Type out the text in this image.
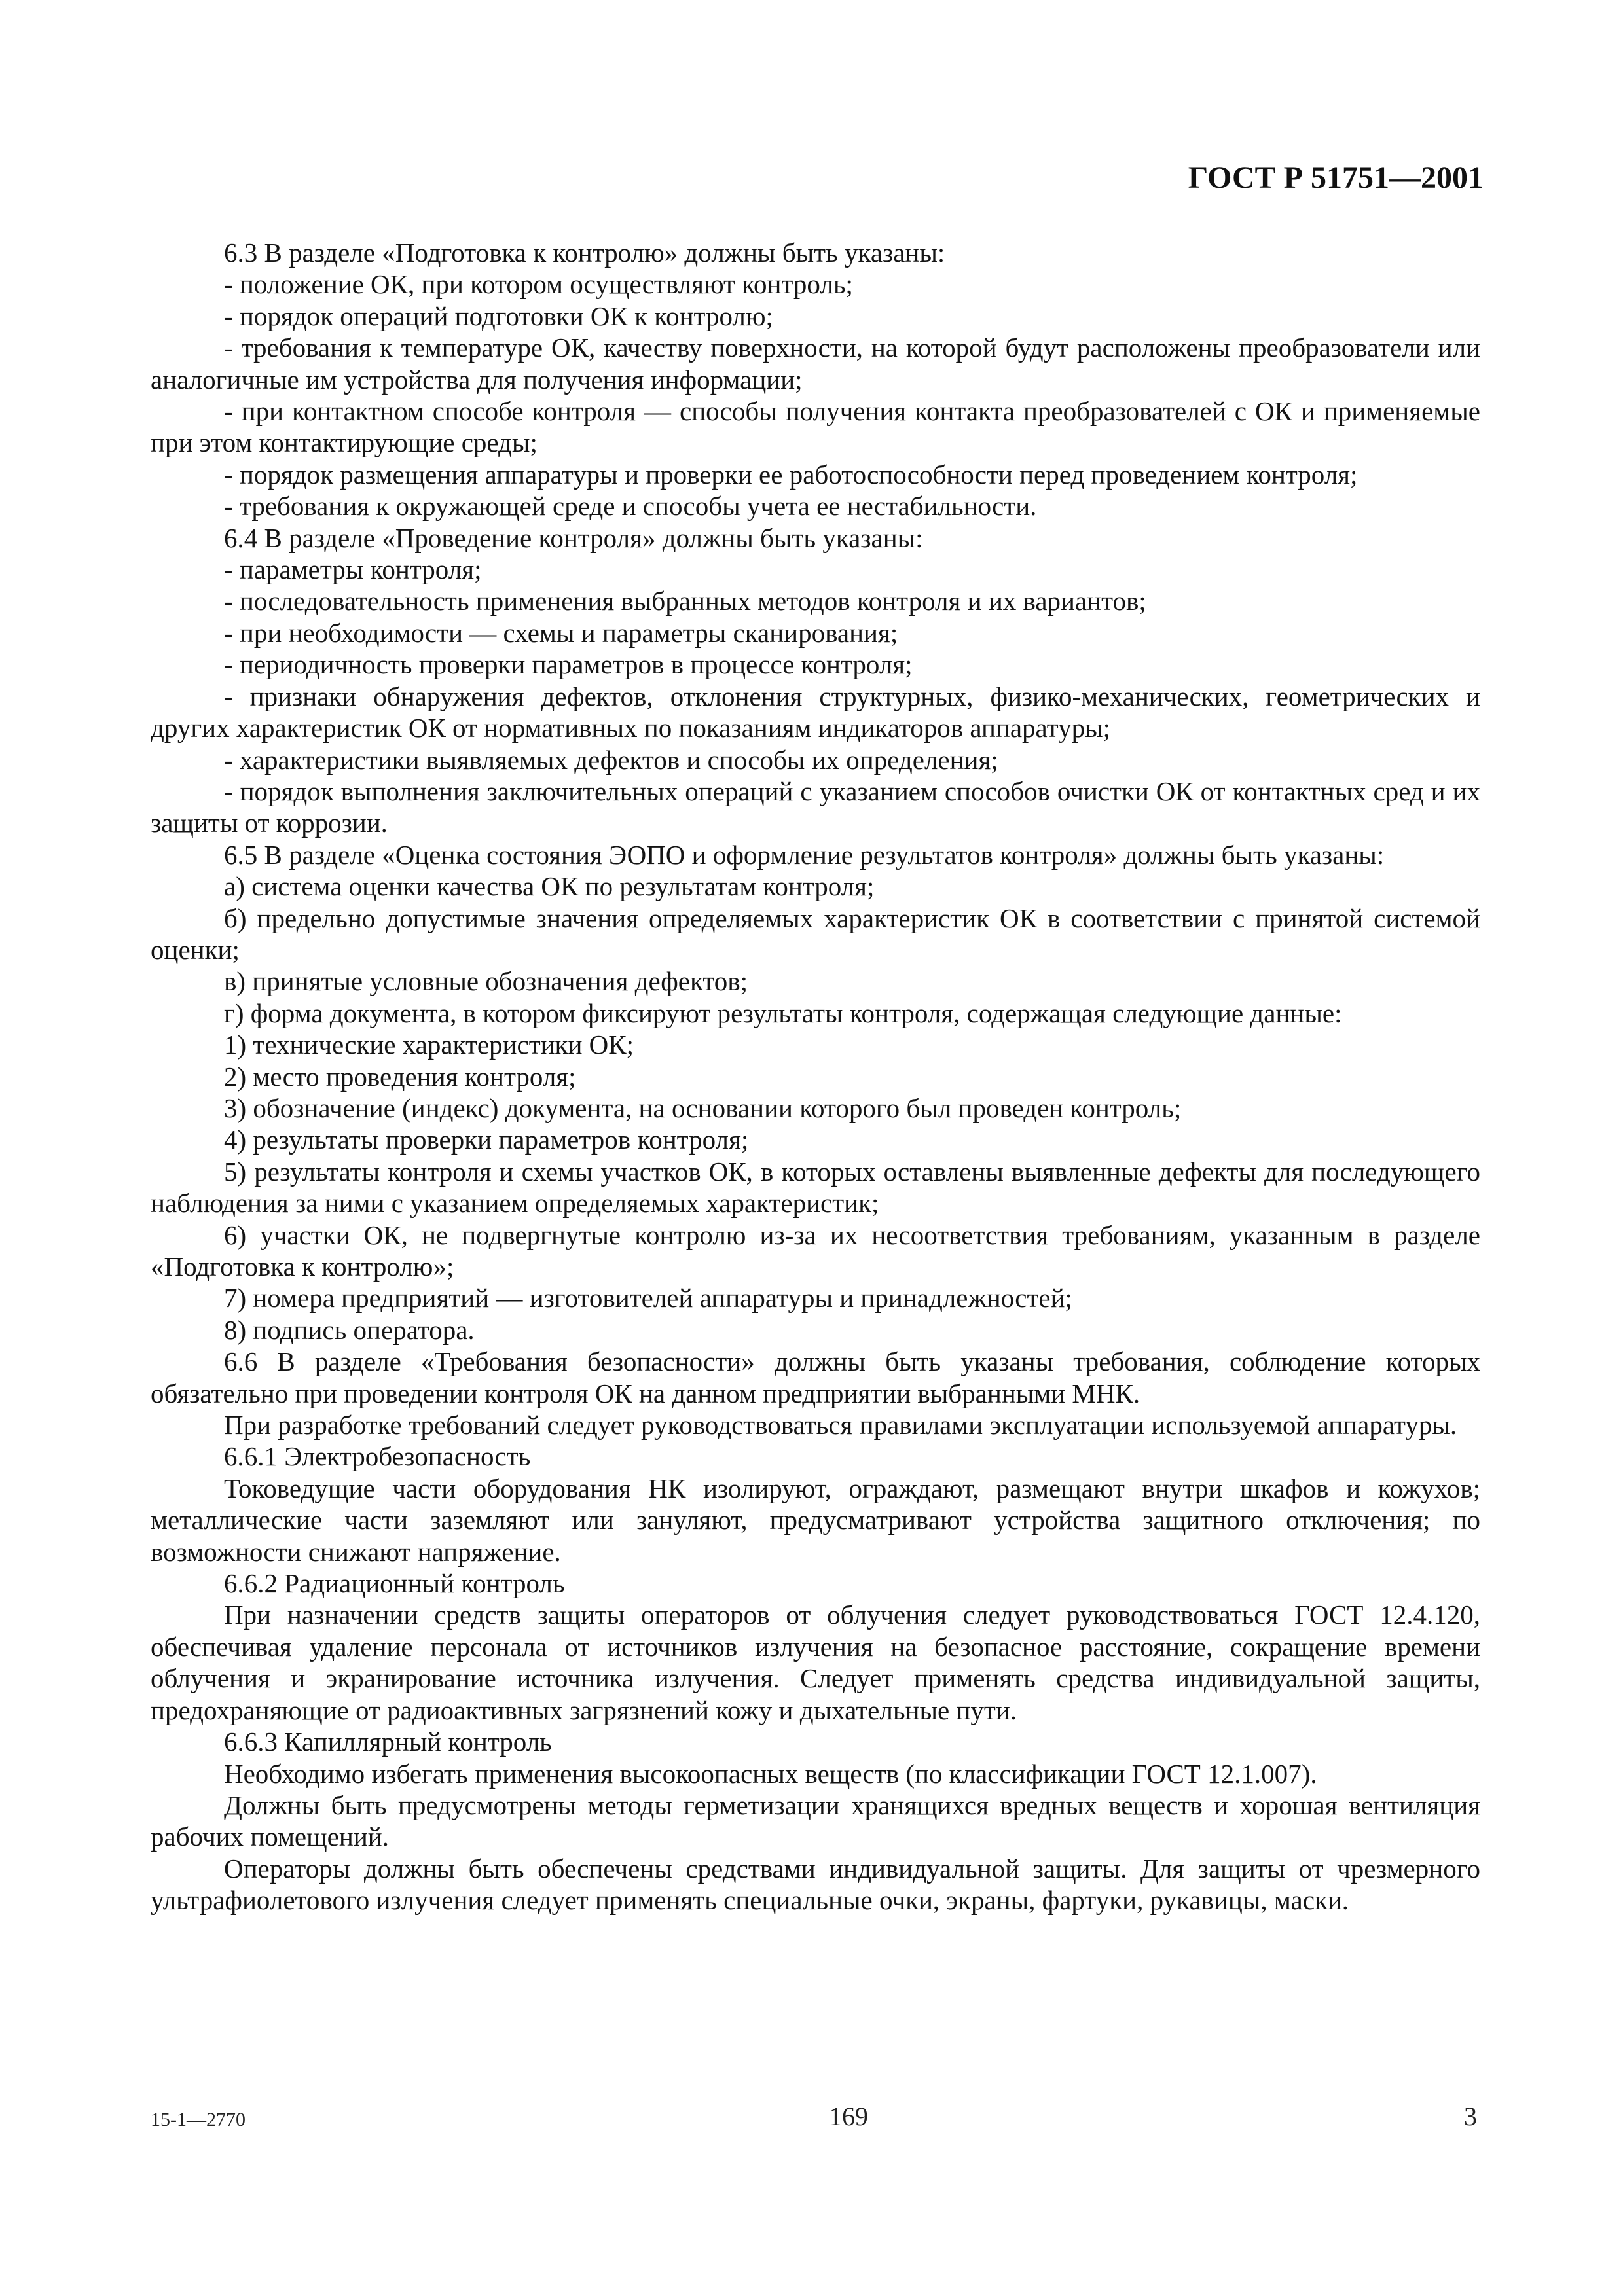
ГОСТ Р 51751—2001

6.3 В разделе «Подготовка к контролю» должны быть указаны:

- положение ОК, при котором осуществляют контроль;

- порядок операций подготовки ОК к контролю;

- требования к температуре ОК, качеству поверхности, на которой будут расположены преобразователи или аналогичные им устройства для получения информации;

- при контактном способе контроля — способы получения контакта преобразователей с ОК и применяемые при этом контактирующие среды;

- порядок размещения аппаратуры и проверки ее работоспособности перед проведением контроля;

- требования к окружающей среде и способы учета ее нестабильности.

6.4 В разделе «Проведение контроля» должны быть указаны:

- параметры контроля;

- последовательность применения выбранных методов контроля и их вариантов;

- при необходимости — схемы и параметры сканирования;

- периодичность проверки параметров в процессе контроля;

- признаки обнаружения дефектов, отклонения структурных, физико-механических, геометрических и других характеристик ОК от нормативных по показаниям индикаторов аппаратуры;

- характеристики выявляемых дефектов и способы их определения;

- порядок выполнения заключительных операций с указанием способов очистки ОК от контактных сред и их защиты от коррозии.

6.5 В разделе «Оценка состояния ЭОПО и оформление результатов контроля» должны быть указаны:

а) система оценки качества ОК по результатам контроля;

б) предельно допустимые значения определяемых характеристик ОК в соответствии с принятой системой оценки;

в) принятые условные обозначения дефектов;

г) форма документа, в котором фиксируют результаты контроля, содержащая следующие данные:

1) технические характеристики ОК;

2) место проведения контроля;

3) обозначение (индекс) документа, на основании которого был проведен контроль;

4) результаты проверки параметров контроля;

5) результаты контроля и схемы участков ОК, в которых оставлены выявленные дефекты для последующего наблюдения за ними с указанием определяемых характеристик;

6) участки ОК, не подвергнутые контролю из-за их несоответствия требованиям, указанным в разделе «Подготовка к контролю»;

7) номера предприятий — изготовителей аппаратуры и принадлежностей;

8) подпись оператора.

6.6 В разделе «Требования безопасности» должны быть указаны требования, соблюдение которых обязательно при проведении контроля ОК на данном предприятии выбранными МНК.

При разработке требований следует руководствоваться правилами эксплуатации используемой аппаратуры.

6.6.1 Электробезопасность

Токоведущие части оборудования НК изолируют, ограждают, размещают внутри шкафов и кожухов; металлические части заземляют или зануляют, предусматривают устройства защитного отключения; по возможности снижают напряжение.

6.6.2 Радиационный контроль

При назначении средств защиты операторов от облучения следует руководствоваться ГОСТ 12.4.120, обеспечивая удаление персонала от источников излучения на безопасное расстояние, сокращение времени облучения и экранирование источника излучения. Следует применять средства индивидуальной защиты, предохраняющие от радиоактивных загрязнений кожу и дыхательные пути.

6.6.3 Капиллярный контроль

Необходимо избегать применения высокоопасных веществ (по классификации ГОСТ 12.1.007).

Должны быть предусмотрены методы герметизации хранящихся вредных веществ и хорошая вентиляция рабочих помещений.

Операторы должны быть обеспечены средствами индивидуальной защиты. Для защиты от чрезмерного ультрафиолетового излучения следует применять специальные очки, экраны, фартуки, рукавицы, маски.

15-1—2770	169	3
